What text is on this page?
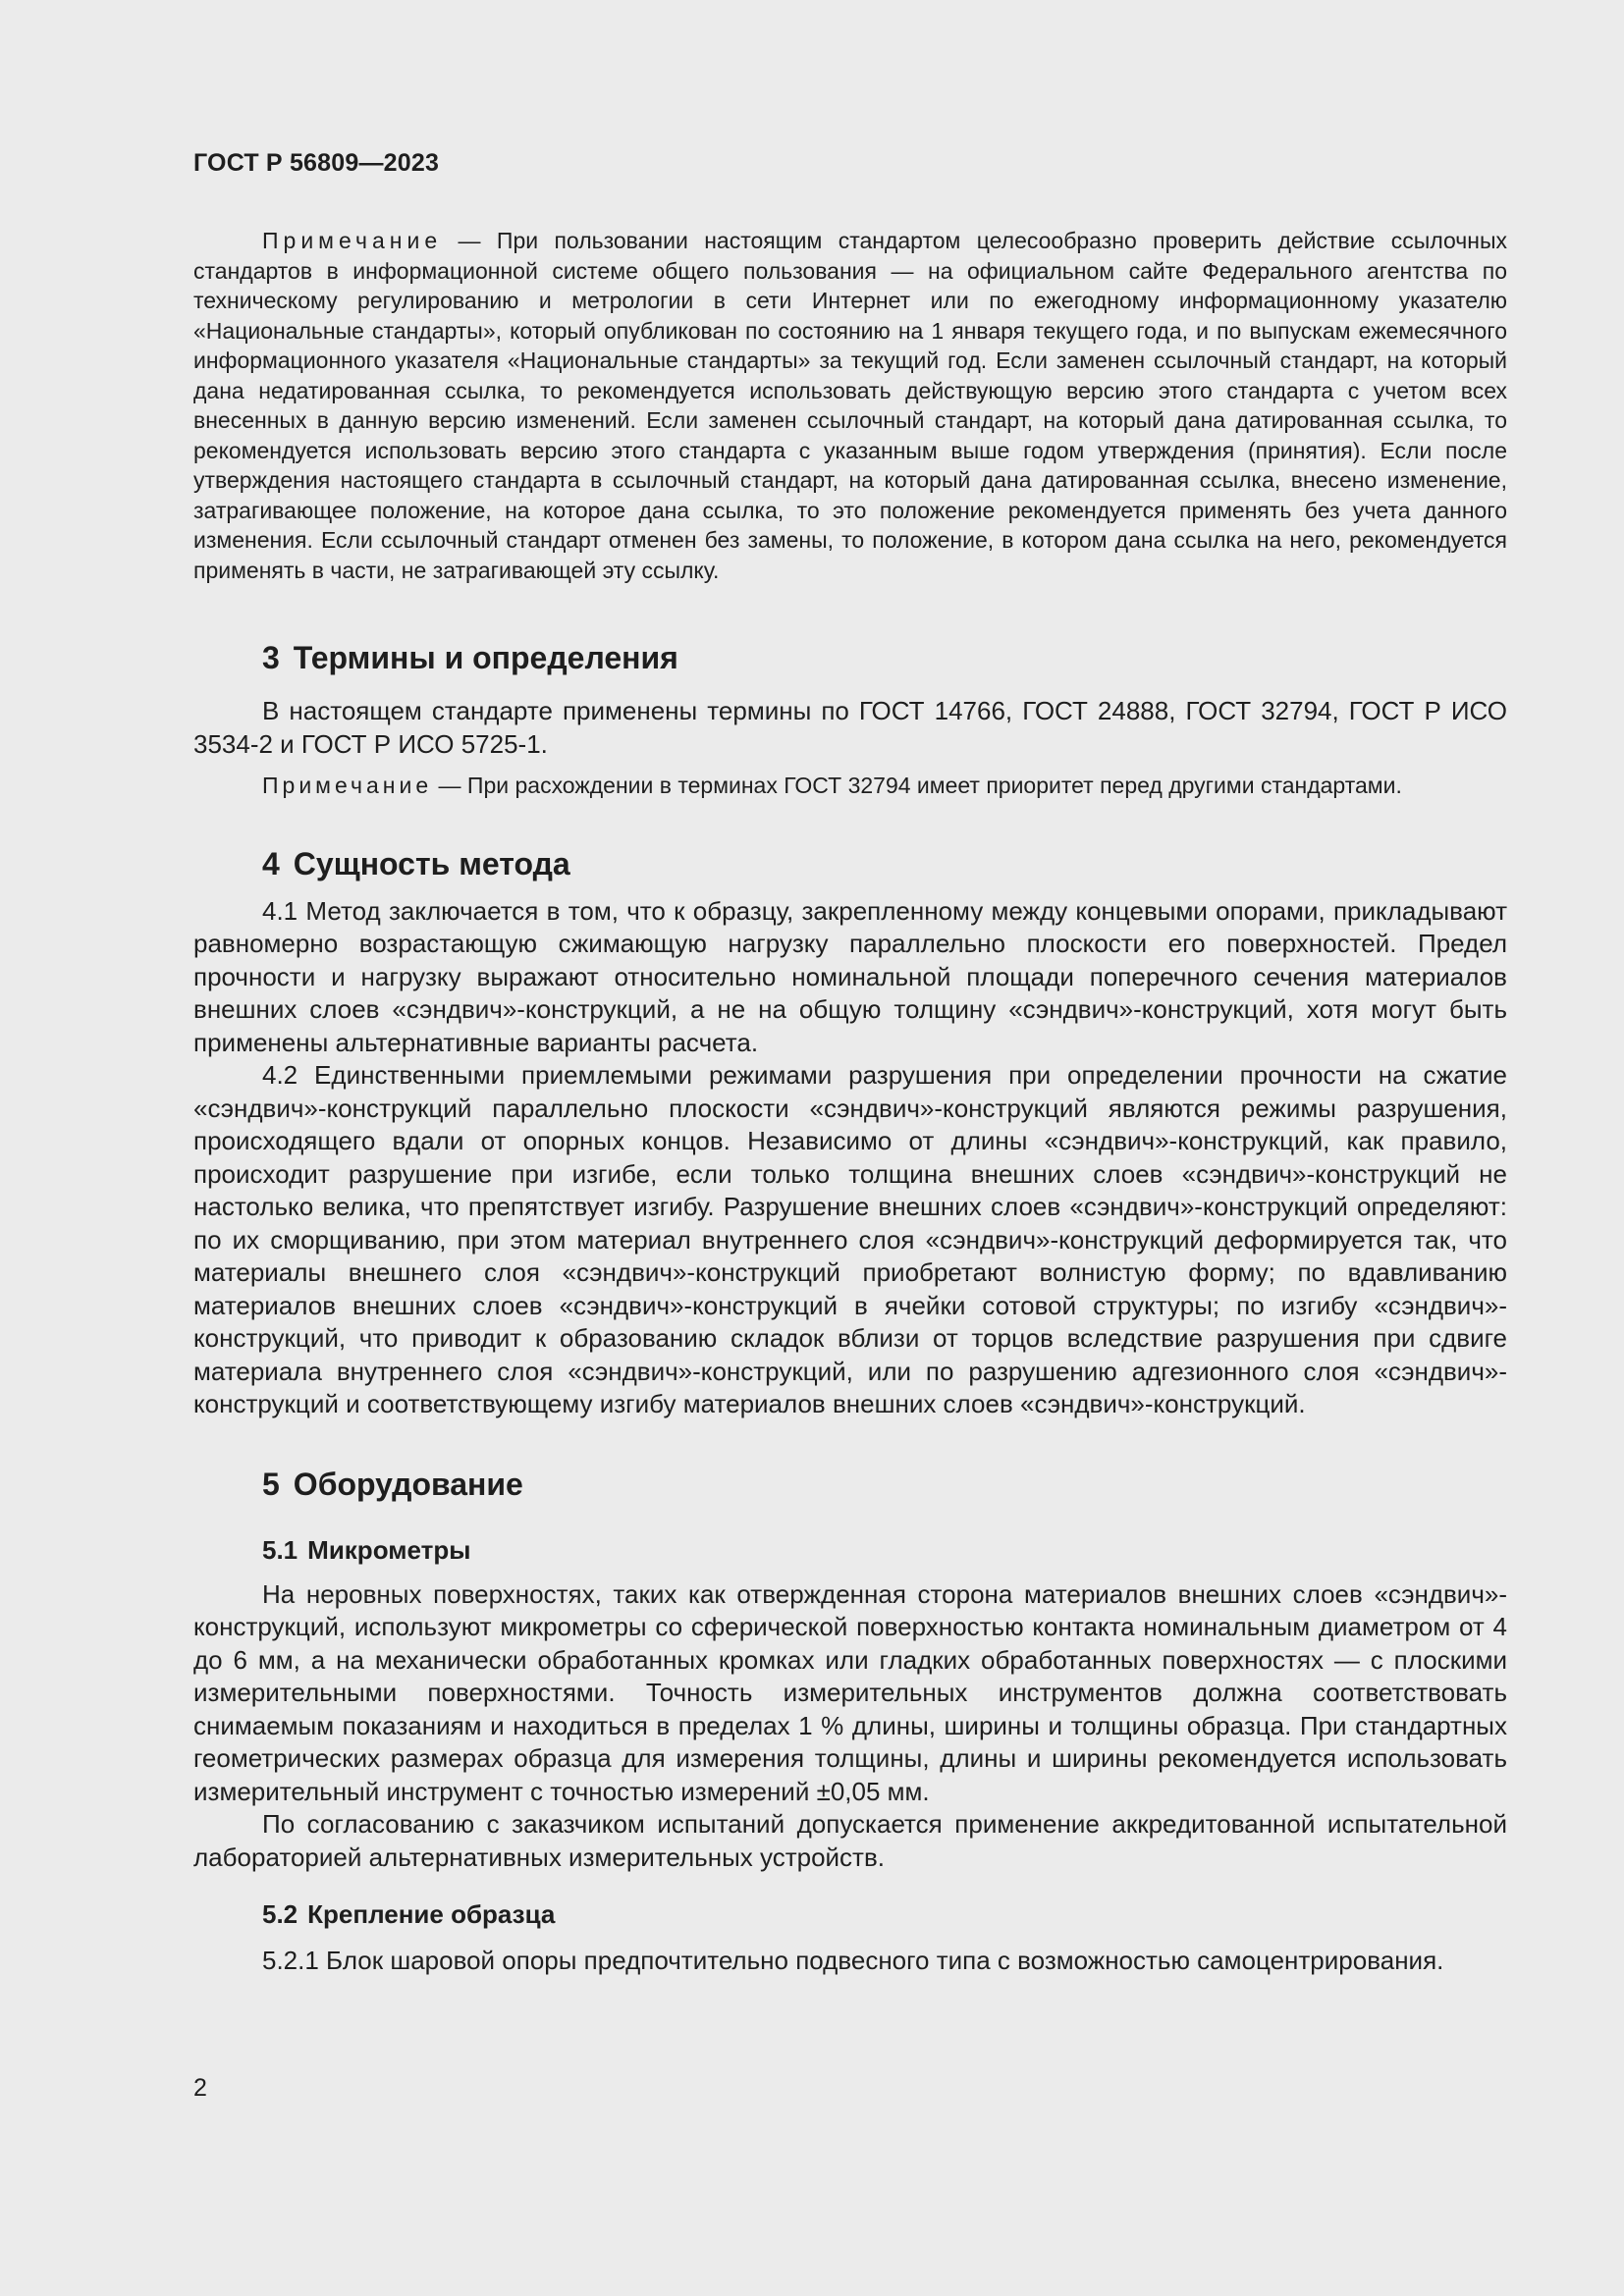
ГОСТ Р 56809—2023

Примечание — При пользовании настоящим стандартом целесообразно проверить действие ссылочных стандартов в информационной системе общего пользования — на официальном сайте Федерального агентства по техническому регулированию и метрологии в сети Интернет или по ежегодному информационному указателю «Национальные стандарты», который опубликован по состоянию на 1 января текущего года, и по выпускам ежемесячного информационного указателя «Национальные стандарты» за текущий год. Если заменен ссылочный стандарт, на который дана недатированная ссылка, то рекомендуется использовать действующую версию этого стандарта с учетом всех внесенных в данную версию изменений. Если заменен ссылочный стандарт, на который дана датированная ссылка, то рекомендуется использовать версию этого стандарта с указанным выше годом утверждения (принятия). Если после утверждения настоящего стандарта в ссылочный стандарт, на который дана датированная ссылка, внесено изменение, затрагивающее положение, на которое дана ссылка, то это положение рекомендуется применять без учета данного изменения. Если ссылочный стандарт отменен без замены, то положение, в котором дана ссылка на него, рекомендуется применять в части, не затрагивающей эту ссылку.

3 Термины и определения

В настоящем стандарте применены термины по ГОСТ 14766, ГОСТ 24888, ГОСТ 32794, ГОСТ Р ИСО 3534-2 и ГОСТ Р ИСО 5725-1.

Примечание — При расхождении в терминах ГОСТ 32794 имеет приоритет перед другими стандартами.

4 Сущность метода

4.1 Метод заключается в том, что к образцу, закрепленному между концевыми опорами, прикладывают равномерно возрастающую сжимающую нагрузку параллельно плоскости его поверхностей. Предел прочности и нагрузку выражают относительно номинальной площади поперечного сечения материалов внешних слоев «сэндвич»-конструкций, а не на общую толщину «сэндвич»-конструкций, хотя могут быть применены альтернативные варианты расчета.

4.2 Единственными приемлемыми режимами разрушения при определении прочности на сжатие «сэндвич»-конструкций параллельно плоскости «сэндвич»-конструкций являются режимы разрушения, происходящего вдали от опорных концов. Независимо от длины «сэндвич»-конструкций, как правило, происходит разрушение при изгибе, если только толщина внешних слоев «сэндвич»-конструкций не настолько велика, что препятствует изгибу. Разрушение внешних слоев «сэндвич»-конструкций определяют: по их сморщиванию, при этом материал внутреннего слоя «сэндвич»-конструкций деформируется так, что материалы внешнего слоя «сэндвич»-конструкций приобретают волнистую форму; по вдавливанию материалов внешних слоев «сэндвич»-конструкций в ячейки сотовой структуры; по изгибу «сэндвич»-конструкций, что приводит к образованию складок вблизи от торцов вследствие разрушения при сдвиге материала внутреннего слоя «сэндвич»-конструкций, или по разрушению адгезионного слоя «сэндвич»-конструкций и соответствующему изгибу материалов внешних слоев «сэндвич»-конструкций.

5 Оборудование
5.1 Микрометры

На неровных поверхностях, таких как отвержденная сторона материалов внешних слоев «сэндвич»-конструкций, используют микрометры со сферической поверхностью контакта номинальным диаметром от 4 до 6 мм, а на механически обработанных кромках или гладких обработанных поверхностях — с плоскими измерительными поверхностями. Точность измерительных инструментов должна соответствовать снимаемым показаниям и находиться в пределах 1 % длины, ширины и толщины образца. При стандартных геометрических размерах образца для измерения толщины, длины и ширины рекомендуется использовать измерительный инструмент с точностью измерений ±0,05 мм.

По согласованию с заказчиком испытаний допускается применение аккредитованной испытательной лабораторией альтернативных измерительных устройств.

5.2 Крепление образца

5.2.1 Блок шаровой опоры предпочтительно подвесного типа с возможностью самоцентрирования.

2
